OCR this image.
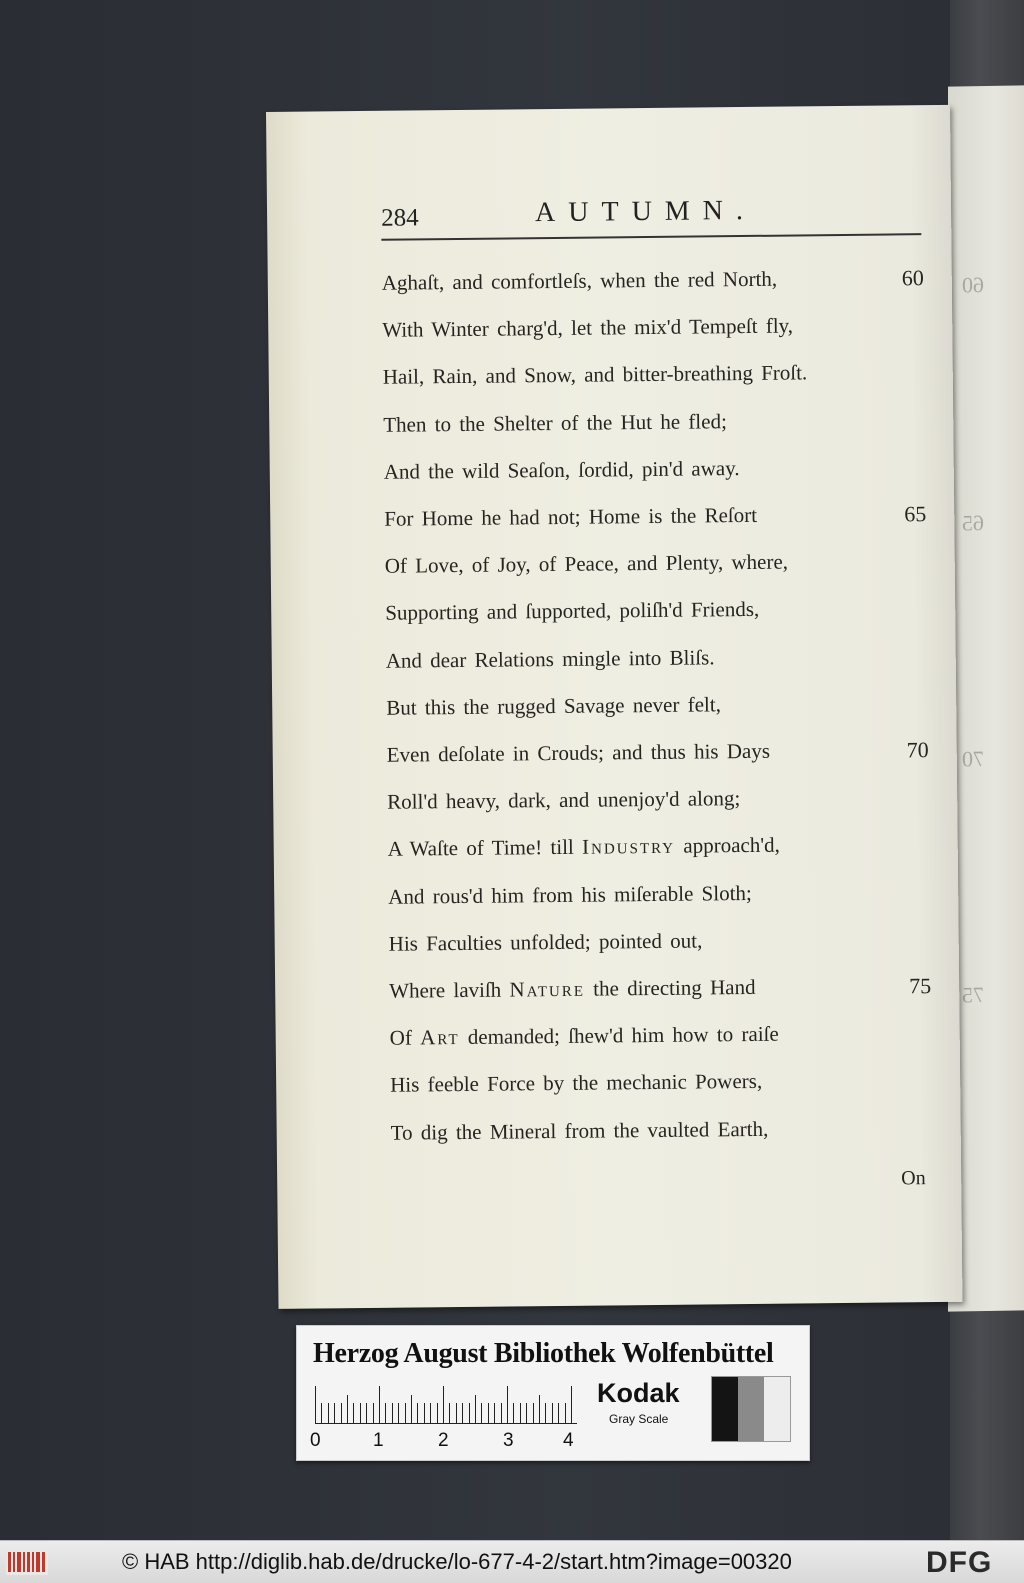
60
65
70
75
284	AUTUMN.
Aghaſt, and comfortleſs, when the red North,	60
With Winter charg'd, let the mix'd Tempeſt fly,
Hail, Rain, and Snow, and bitter-breathing Froſt.
Then to the Shelter of the Hut he fled;
And the wild Seaſon, ſordid, pin'd away.
For Home he had not; Home is the Reſort	65
Of Love, of Joy, of Peace, and Plenty, where,
Supporting and ſupported, poliſh'd Friends,
And dear Relations mingle into Bliſs.
But this the rugged Savage never felt,
Even deſolate in Crouds; and thus his Days	70
Roll'd heavy, dark, and unenjoy'd along;
A Waſte of Time! till Industry approach'd,
And rous'd him from his miſerable Sloth;
His Faculties unfolded; pointed out,
Where laviſh Nature the directing Hand	75
Of Art demanded; ſhew'd him how to raiſe
His feeble Force by the mechanic Powers,
To dig the Mineral from the vaulted Earth,
On
Herzog August Bibliothek Wolfenbüttel
0	1	2	3	4
Kodak
Gray Scale
© HAB http://diglib.hab.de/drucke/lo-677-4-2/start.htm?image=00320	DFG
